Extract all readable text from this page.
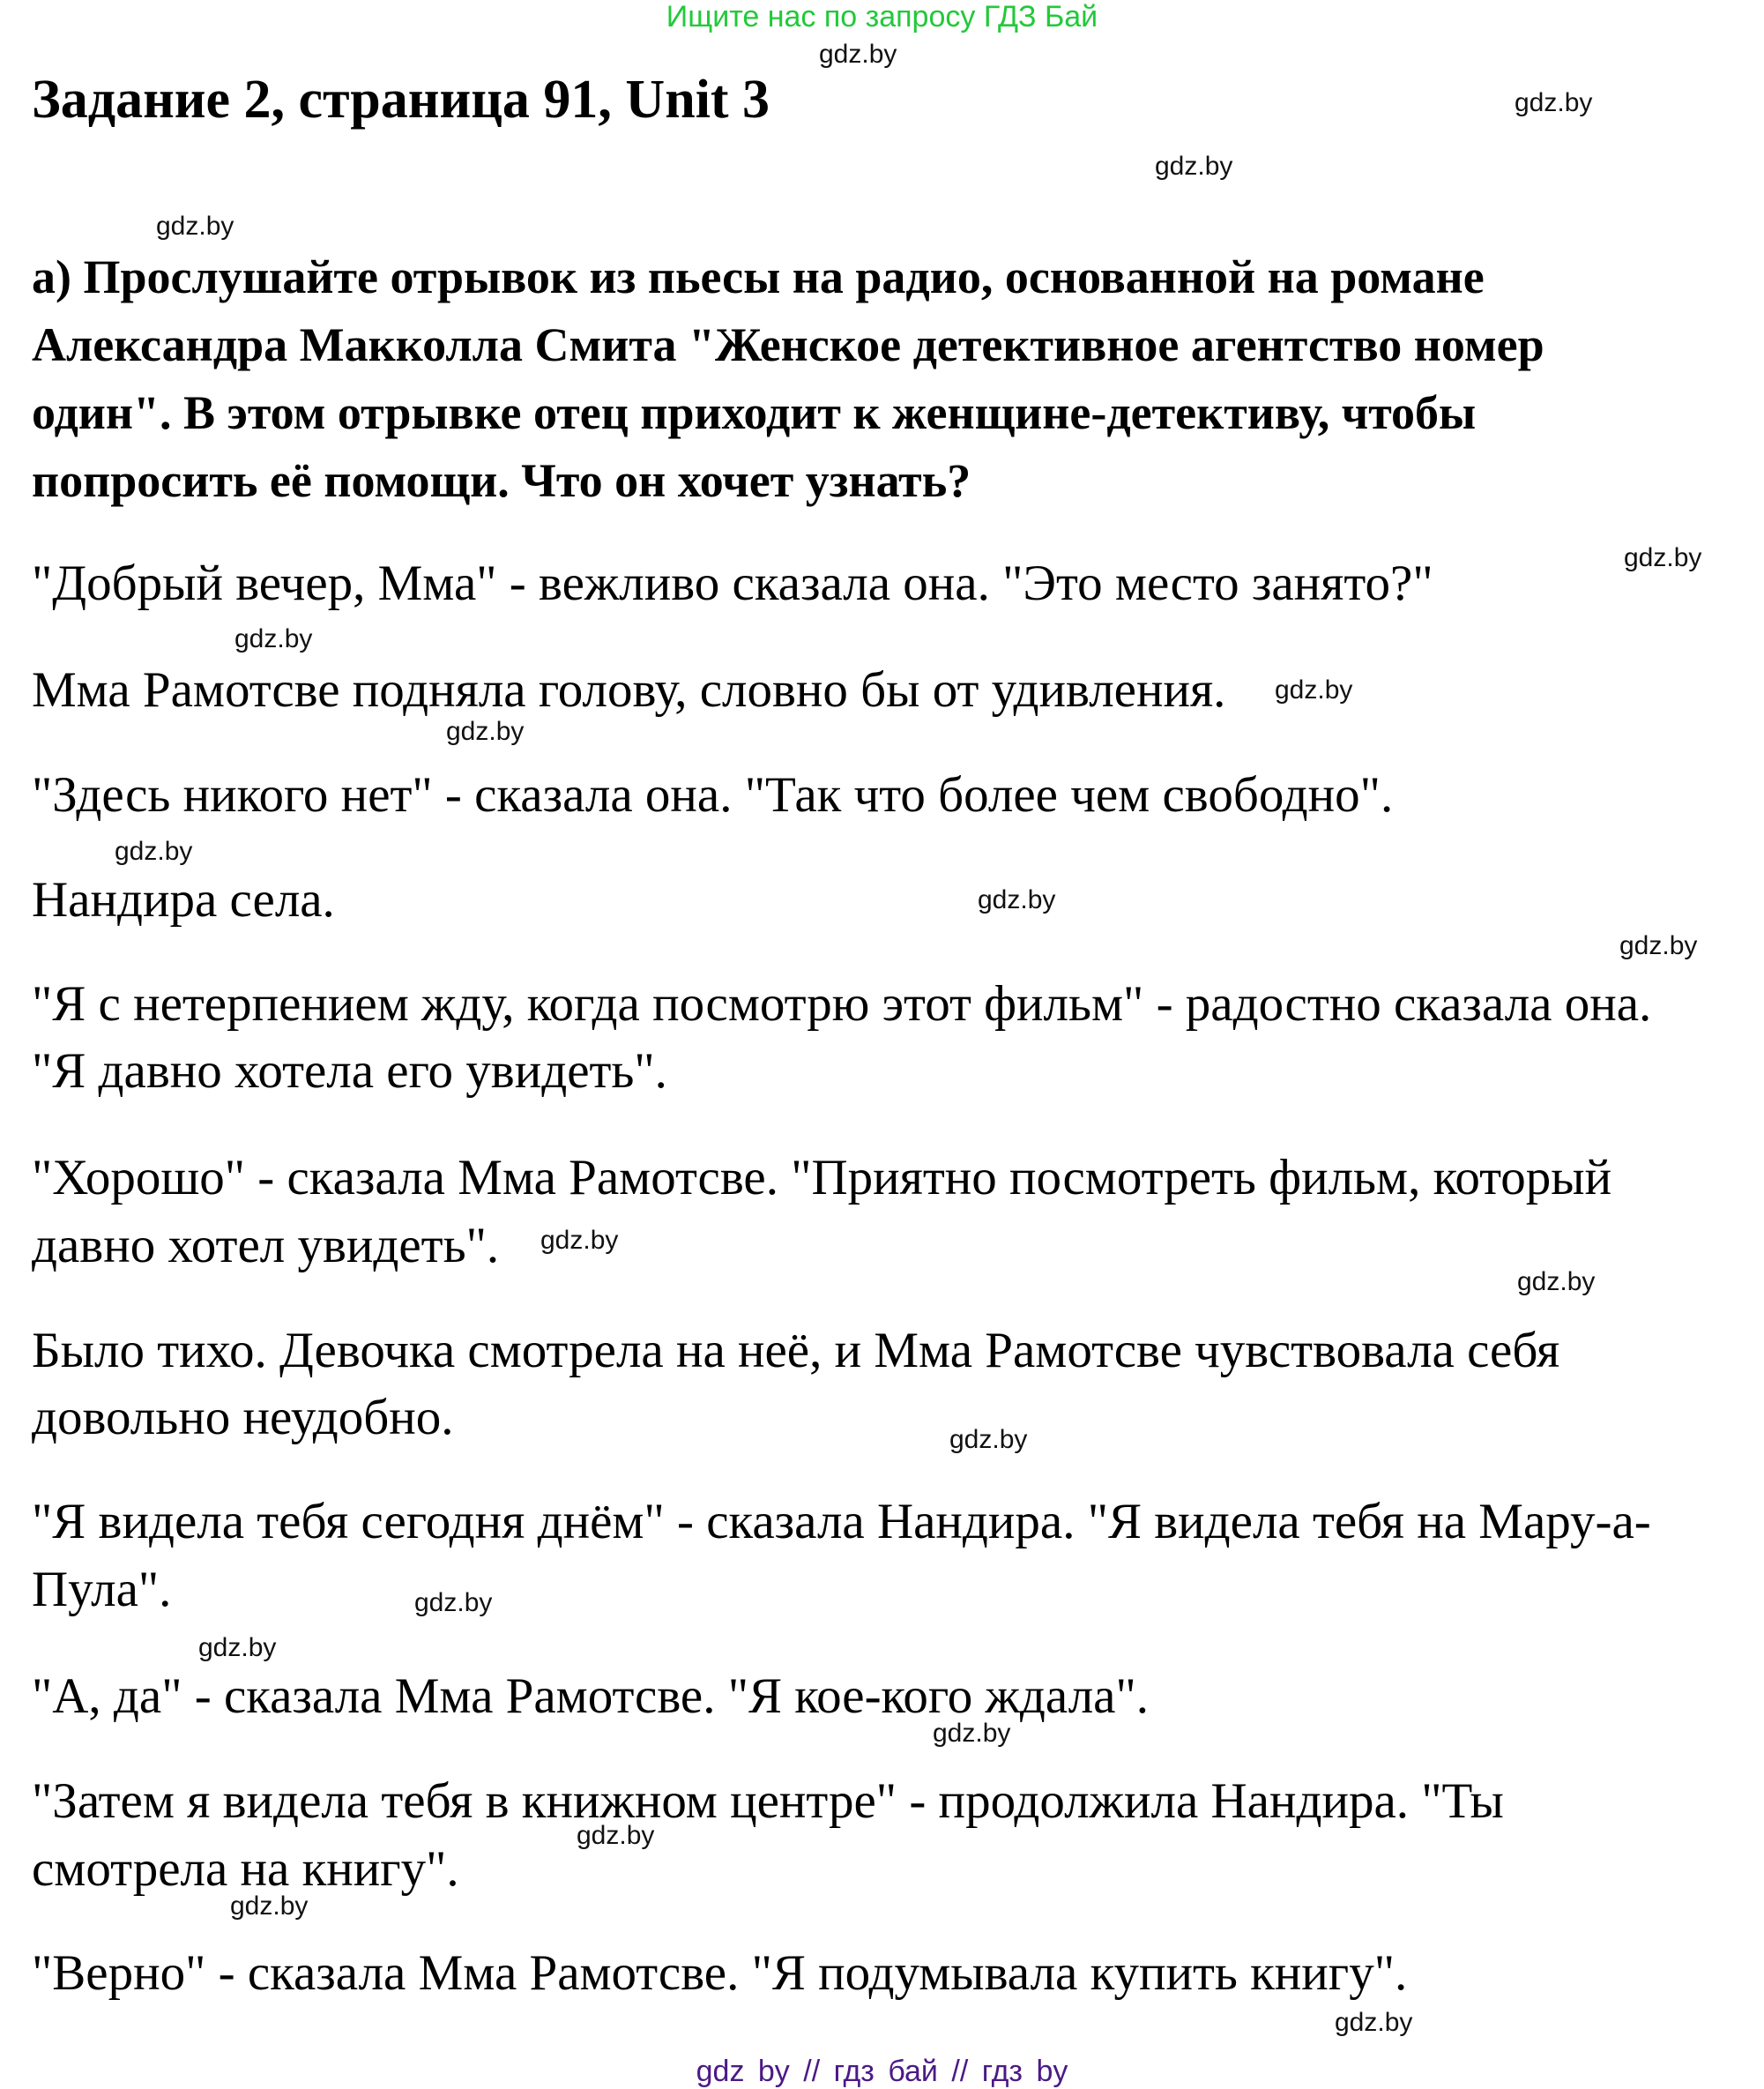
Ищите нас по запросу ГДЗ Бай
gdz.by
gdz.by
gdz.by
gdz.by
Задание 2, страница 91, Unit 3
а) Прослушайте отрывок из пьесы на радио, основанной на романе
Александра Макколла Смита "Женское детективное агентство номер
один". В этом отрывке отец приходит к женщине-детективу, чтобы
попросить её помощи. Что он хочет узнать?
"Добрый вечер, Мма" - вежливо сказала она. "Это место занято?"	gdz.by
gdz.by
Мма Рамотсве подняла голову, словно бы от удивления. gdz.by
gdz.by
"Здесь никого нет" - сказала она. "Так что более чем свободно".
gdz.by
Нандира села.	gdz.by
gdz.by
"Я с нетерпением жду, когда посмотрю этот фильм" - радостно сказала она.
"Я давно хотела его увидеть".
"Хорошо" - сказала Мма Рамотсве. "Приятно посмотреть фильм, который
давно хотел увидеть". gdz.by
gdz.by
Было тихо. Девочка смотрела на неё, и Мма Рамотсве чувствовала себя
довольно неудобно.	gdz.by
"Я видела тебя сегодня днём" - сказала Нандира. "Я видела тебя на Мару-а-
Пула".	gdz.by
gdz.by
"А, да" - сказала Мма Рамотсве. "Я кое-кого ждала".
gdz.by
"Затем я видела тебя в книжном центре" - продолжила Нандира. "Ты
gdz.by
смотрела на книгу".
gdz.by
"Верно" - сказала Мма Рамотсве. "Я подумывала купить книгу".
gdz.by
gdz by // гдз бай // гдз by
